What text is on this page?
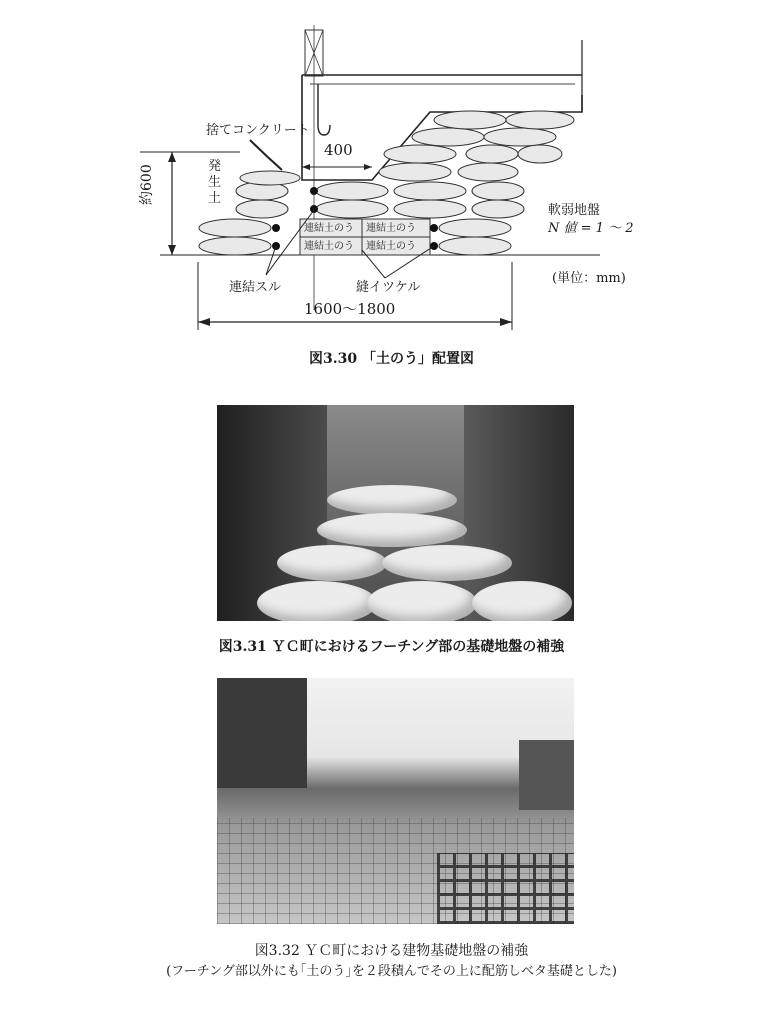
捨てコンクリート
400
発
生
土
約600
軟弱地盤
N 値 = 1 ～ 2
(単位：mm)
連結土のう 連結土のう
連結土のう 連結土のう
連結スル	縫イツケル
1600～1800
図3.30 「土のう」配置図
図3.31 ＹＣ町におけるフーチング部の基礎地盤の補強
図3.32 ＹＣ町における建物基礎地盤の補強
(フーチング部以外にも｢土のう｣を２段積んでその上に配筋しベタ基礎とした)
